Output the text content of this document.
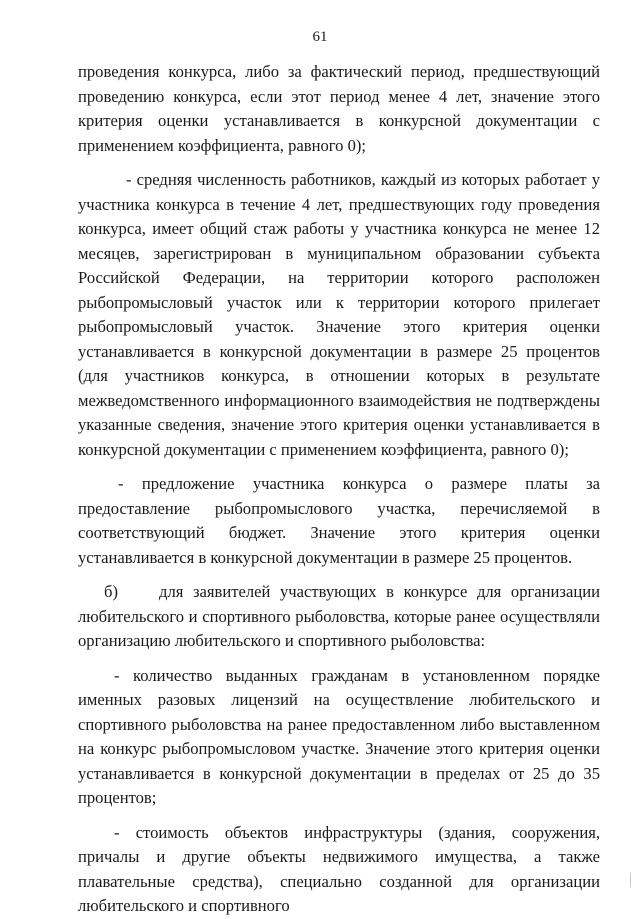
61

проведения конкурса, либо за фактический период, предшествующий проведению конкурса, если этот период менее 4 лет, значение этого критерия оценки устанавливается в конкурсной документации с применением коэффициента, равного 0);

- средняя численность работников, каждый из которых работает у участника конкурса в течение 4 лет, предшествующих году проведения конкурса, имеет общий стаж работы у участника конкурса не менее 12 месяцев, зарегистрирован в муниципальном образовании субъекта Российской Федерации, на территории которого расположен рыбопромысловый участок или к территории которого прилегает рыбопромысловый участок. Значение этого критерия оценки устанавливается в конкурсной документации в размере 25 процентов (для участников конкурса, в отношении которых в результате межведомственного информационного взаимодействия не подтверждены указанные сведения, значение этого критерия оценки устанавливается в конкурсной документации с применением коэффициента, равного 0);

- предложение участника конкурса о размере платы за предоставление рыбопромыслового участка, перечисляемой в соответствующий бюджет. Значение этого критерия оценки устанавливается в конкурсной документации в размере 25 процентов.

б) для заявителей участвующих в конкурсе для организации любительского и спортивного рыболовства, которые ранее осуществляли организацию любительского и спортивного рыболовства:

- количество выданных гражданам в установленном порядке именных разовых лицензий на осуществление любительского и спортивного рыболовства на ранее предоставленном либо выставленном на конкурс рыбопромысловом участке. Значение этого критерия оценки устанавливается в конкурсной документации в пределах от 25 до 35 процентов;

- стоимость объектов инфраструктуры (здания, сооружения, причалы и другие объекты недвижимого имущества, а также плавательные средства), специально созданной для организации любительского и спортивного
